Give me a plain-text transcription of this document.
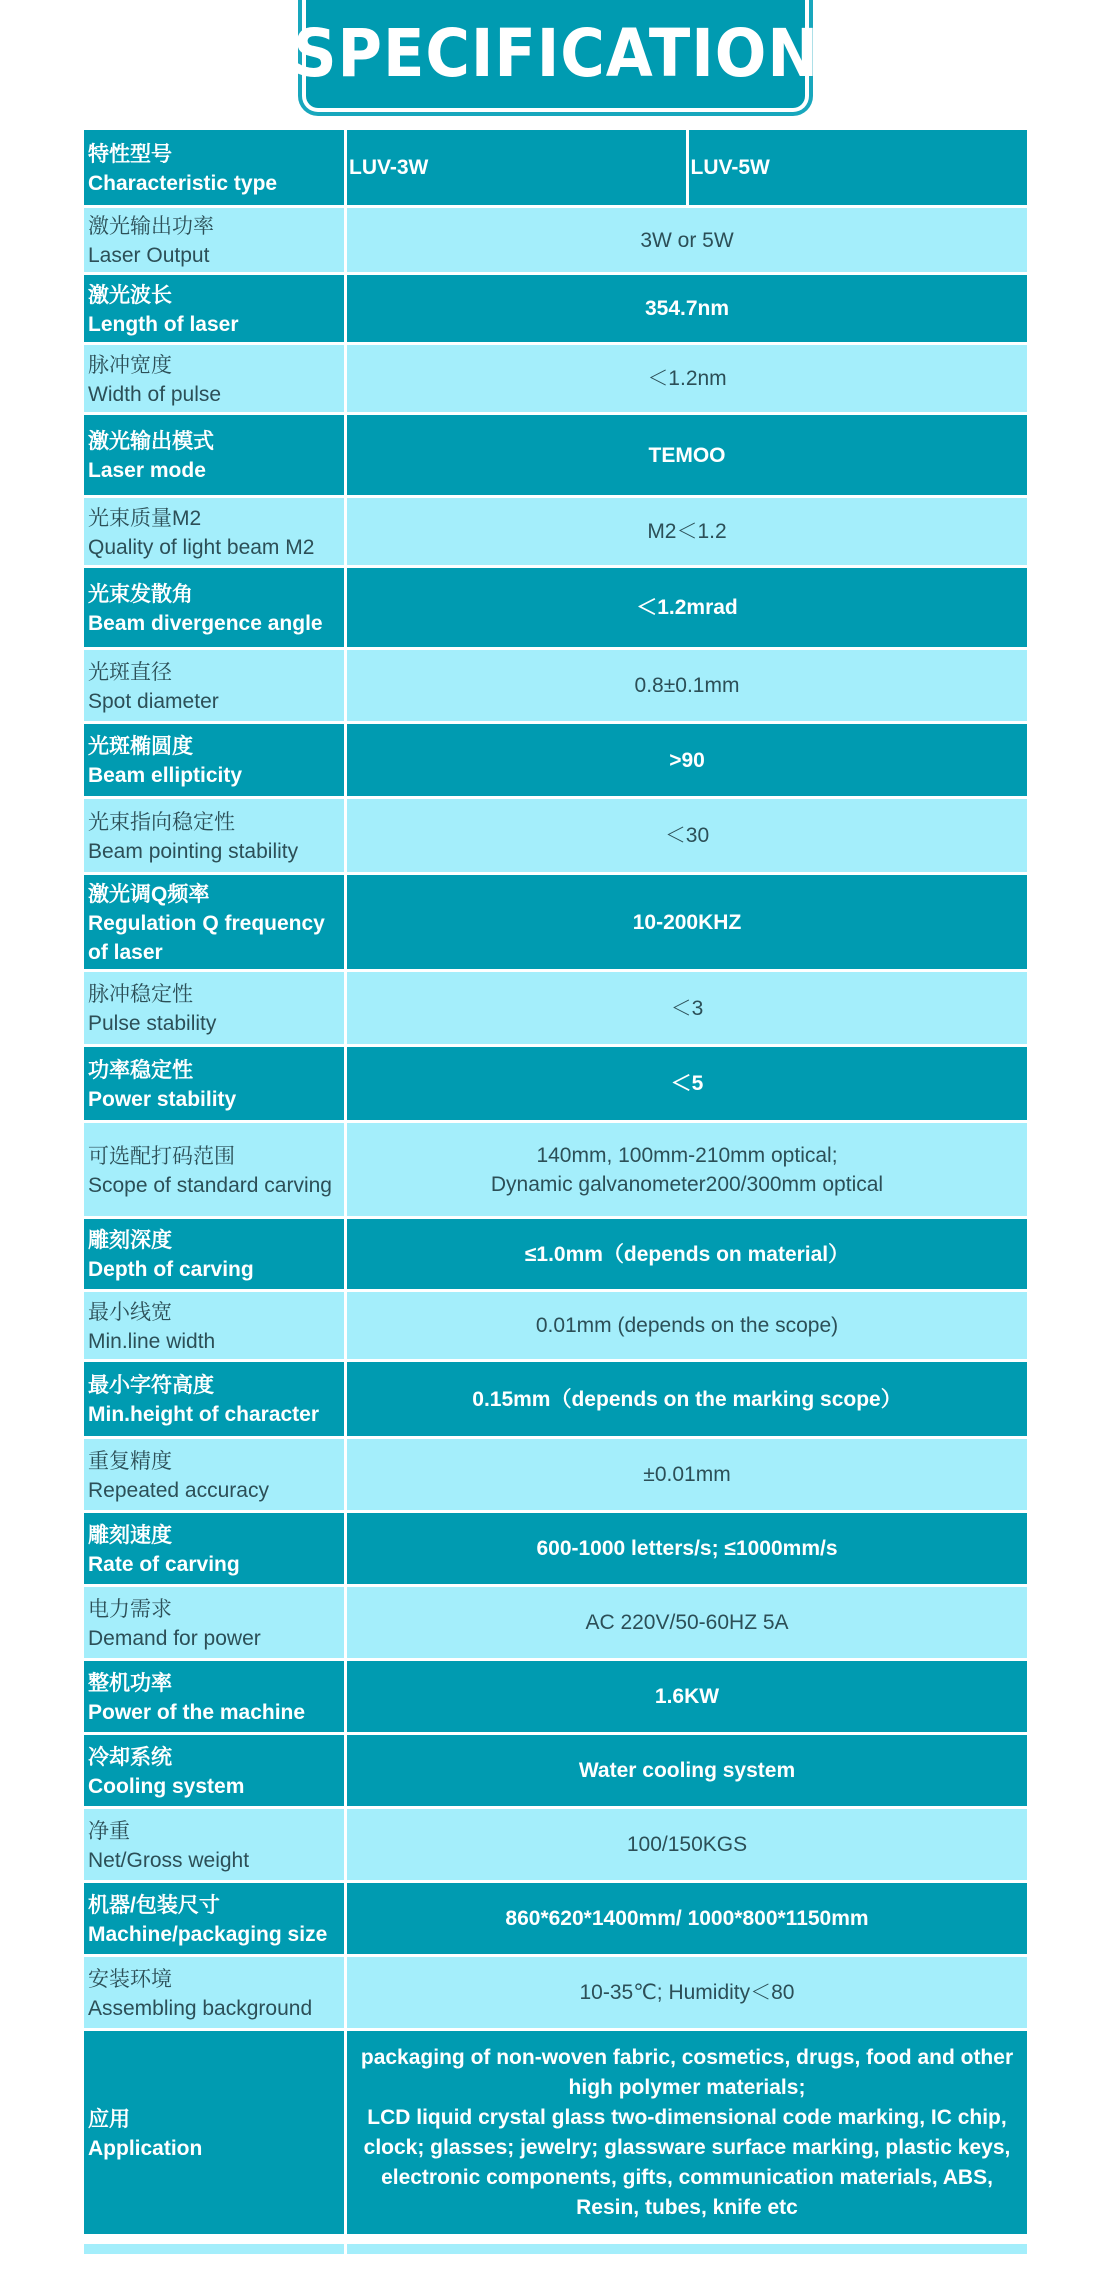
SPECIFICATION
特性型号
Characteristic type
LUV-3W	LUV-5W
激光输出功率
Laser Output
3W or 5W
激光波长
Length of laser
354.7nm
脉冲宽度
Width of pulse
＜1.2nm
激光输出模式
Laser mode
TEMOO
光束质量M2
Quality of light beam M2
M2＜1.2
光束发散角
Beam divergence angle
＜1.2mrad
光斑直径
Spot diameter
0.8±0.1mm
光斑椭圆度
Beam ellipticity
>90
光束指向稳定性
Beam pointing stability
＜30
激光调Q频率
Regulation Q frequency of laser
10-200KHZ
脉冲稳定性
Pulse stability
＜3
功率稳定性
Power stability
＜5
可选配打码范围
Scope of standard carving
140mm, 100mm-210mm optical;
Dynamic galvanometer200/300mm optical
雕刻深度
Depth of carving
≤1.0mm（depends on material）
最小线宽
Min.line width
0.01mm (depends on the scope)
最小字符高度
Min.height of character
0.15mm（depends on the marking scope）
重复精度
Repeated accuracy
±0.01mm
雕刻速度
Rate of carving
600-1000 letters/s; ≤1000mm/s
电力需求
Demand for power
AC 220V/50-60HZ 5A
整机功率
Power of the machine
1.6KW
冷却系统
Cooling system
Water cooling system
净重
Net/Gross weight
100/150KGS
机器/包装尺寸
Machine/packaging size
860*620*1400mm/ 1000*800*1150mm
安装环境
Assembling background
10-35℃; Humidity＜80
应用
Application
packaging of non-woven fabric, cosmetics, drugs, food and other high polymer materials;
LCD liquid crystal glass two-dimensional code marking, IC chip, clock; glasses; jewelry; glassware surface marking, plastic keys, electronic components, gifts, communication materials, ABS, Resin, tubes, knife etc
